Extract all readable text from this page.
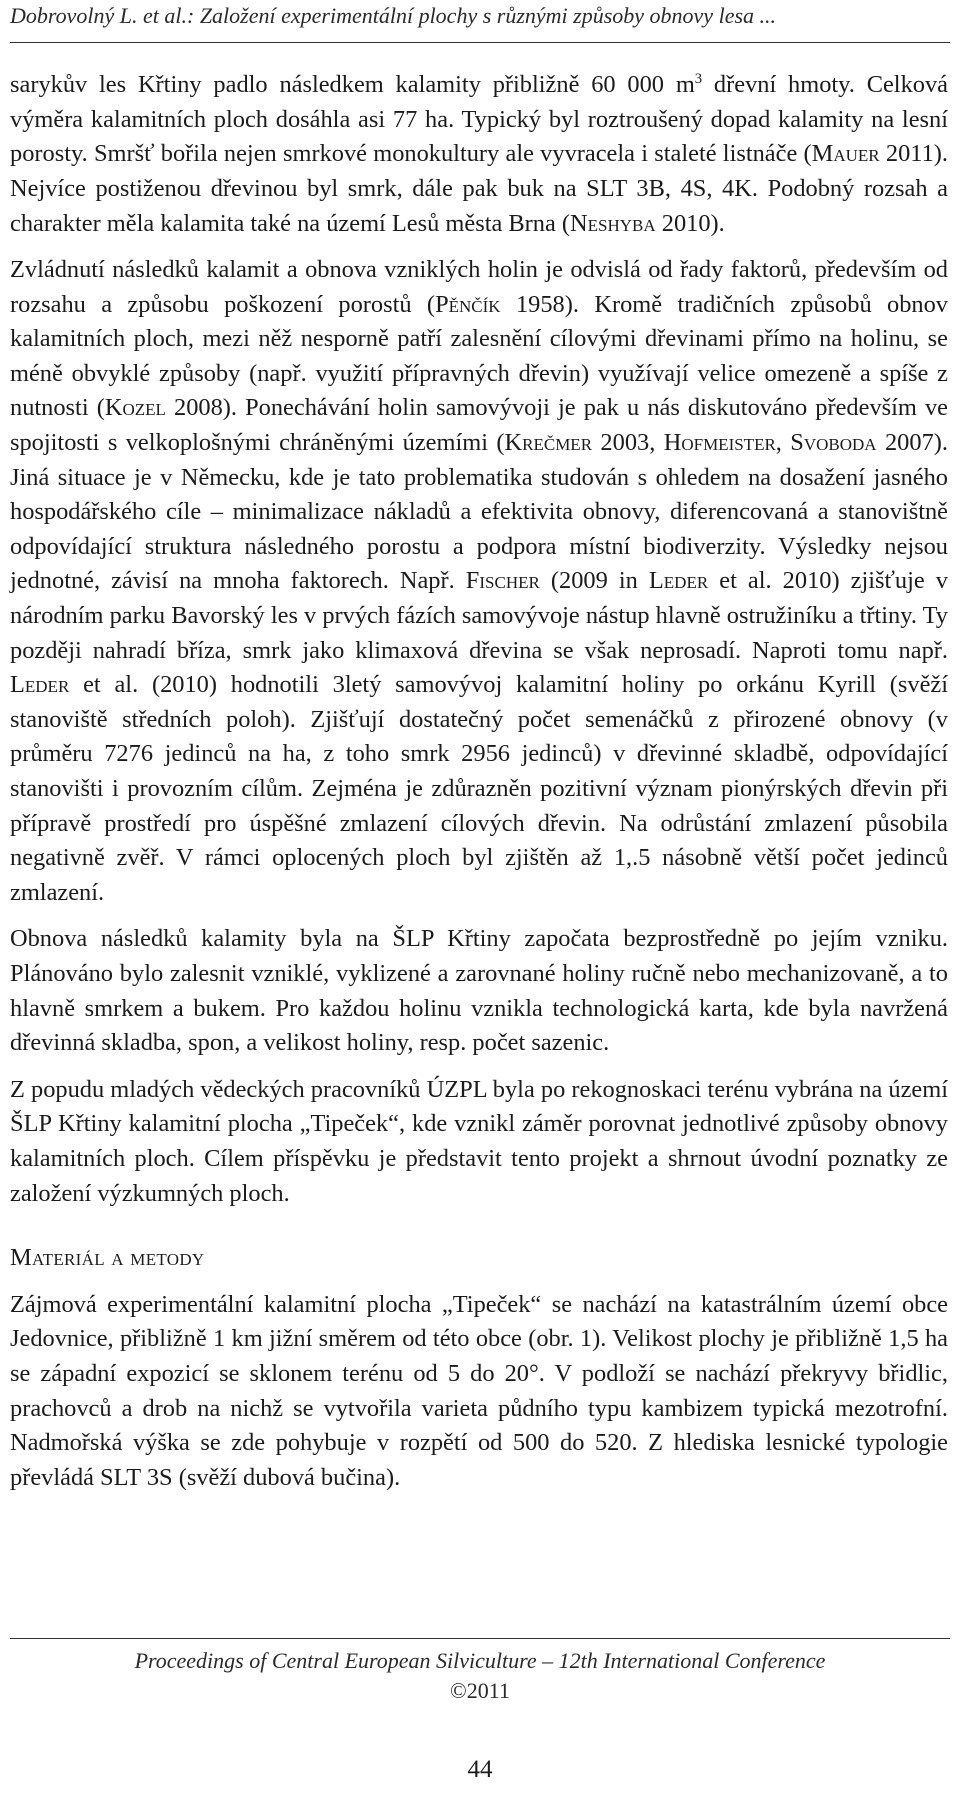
Dobrovolný L. et al.: Založení experimentální plochy s různými způsoby obnovy lesa ...

sarykův les Křtiny padlo následkem kalamity přibližně 60 000 $m^3$ dřevní hmoty. Celková výměra kalamitních ploch dosáhla asi 77 ha. Typický byl roztroušený dopad kalamity na lesní porosty. Smršť bořila nejen smrkové monokultury ale vyvracela i staleté listnáče (Mauer 2011). Nejvíce postiženou dřevinou byl smrk, dále pak buk na SLT 3B, 4S, 4K. Podobný rozsah a charakter měla kalamita také na území Lesů města Brna (Neshyba 2010).

Zvládnutí následků kalamit a obnova vzniklých holin je odvislá od řady faktorů, především od rozsahu a způsobu poškození porostů (Pěnčík 1958). Kromě tradičních způsobů obnov kalamitních ploch, mezi něž nesporně patří zalesnění cílovými dřevinami přímo na holinu, se méně obvyklé způsoby (např. využití přípravných dřevin) využívají velice omezeně a spíše z nutnosti (Kozel 2008). Ponechávání holin samovývoji je pak u nás diskutováno především ve spojitosti s velkoplošnými chráněnými územími (Krečmer 2003, Hofmeister, Svoboda 2007). Jiná situace je v Německu, kde je tato problematika studován s ohledem na dosažení jasného hospodářského cíle – minimalizace nákladů a efektivita obnovy, diferencovaná a stanovištně odpovídající struktura následného porostu a podpora místní biodiverzity. Výsledky nejsou jednotné, závisí na mnoha faktorech. Např. Fischer (2009 in Leder et al. 2010) zjišťuje v národním parku Bavorský les v prvých fázích samovývoje nástup hlavně ostružiníku a třtiny. Ty později nahradí bříza, smrk jako klimaxová dřevina se však neprosadí. Naproti tomu např. Leder et al. (2010) hodnotili 3letý samovývoj kalamitní holiny po orkánu Kyrill (svěží stanoviště středních poloh). Zjišťují dostatečný počet semenáčků z přirozené obnovy (v průměru 7276 jedinců na ha, z toho smrk 2956 jedinců) v dřevinné skladbě, odpovídající stanovišti i provozním cílům. Zejména je zdůrazněn pozitivní význam pionýrských dřevin při přípravě prostředí pro úspěšné zmlazení cílových dřevin. Na odrůstání zmlazení působila negativně zvěř. V rámci oplocených ploch byl zjištěn až 1,.5 násobně větší počet jedinců zmlazení.

Obnova následků kalamity byla na ŠLP Křtiny započata bezprostředně po jejím vzniku. Plánováno bylo zalesnit vzniklé, vyklizené a zarovnané holiny ručně nebo mechanizovaně, a to hlavně smrkem a bukem. Pro každou holinu vznikla technologická karta, kde byla navržená dřevinná skladba, spon, a velikost holiny, resp. počet sazenic.

Z popudu mladých vědeckých pracovníků ÚZPL byla po rekognoskaci terénu vybrána na území ŠLP Křtiny kalamitní plocha „Tipeček“, kde vznikl záměr porovnat jednotlivé způsoby obnovy kalamitních ploch. Cílem příspěvku je představit tento projekt a shrnout úvodní poznatky ze založení výzkumných ploch.

Materiál a metody

Zájmová experimentální kalamitní plocha „Tipeček“ se nachází na katastrálním území obce Jedovnice, přibližně 1 km jižní směrem od této obce (obr. 1). Velikost plochy je přibližně 1,5 ha se západní expozicí se sklonem terénu od 5 do 20°. V podloží se nachází překryvy břidlic, prachovců a drob na nichž se vytvořila varieta půdního typu kambizem typická mezotrofní. Nadmořská výška se zde pohybuje v rozpětí od 500 do 520. Z hlediska lesnické typologie převládá SLT 3S (svěží dubová bučina).

Proceedings of Central European Silviculture – 12th International Conference
©2011
44
